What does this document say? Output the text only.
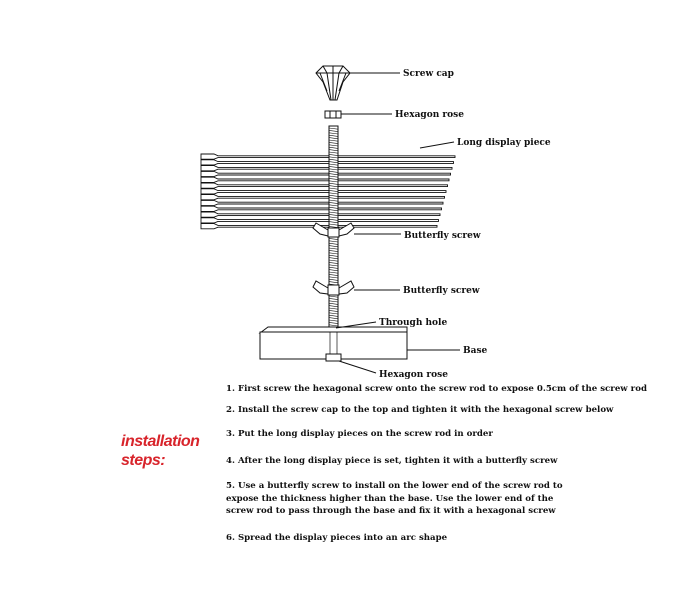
Screw cap
Hexagon rose
Long display piece
Butterfly screw
Butterfly screw
Through hole
Base
Hexagon rose
installation
steps:
1. First screw the hexagonal screw onto the screw rod to expose 0.5cm of the screw rod
2. Install the screw cap to the top and tighten it with the hexagonal screw below
3. Put the long display pieces on the screw rod in order
4. After the long display piece is set, tighten it with a butterfly screw
5. Use a butterfly screw to install on the lower end of the screw rod to
expose the thickness higher than the base. Use the lower end of the
screw rod to pass through the base and fix it with a hexagonal screw
6. Spread the display pieces into an arc shape
